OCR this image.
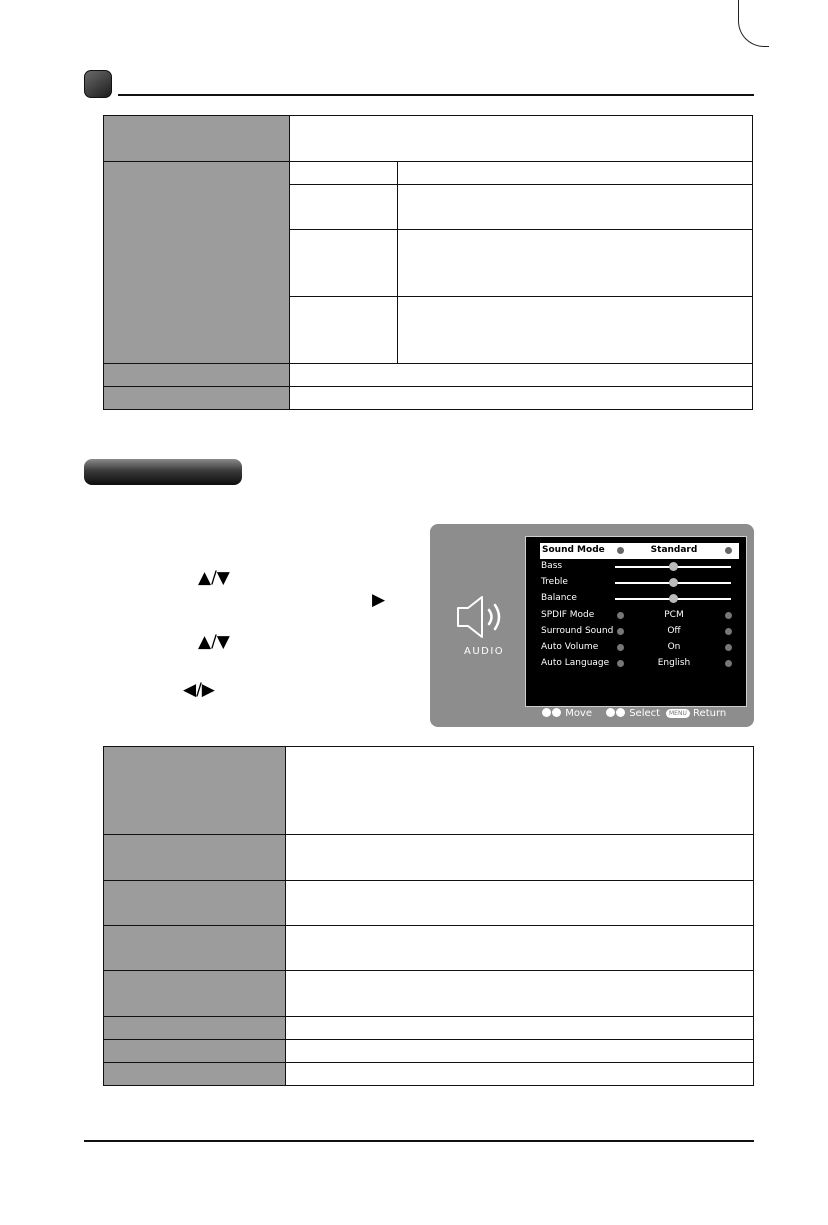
▲/▼
▶
▲/▼
◀/▶
AUDIO
Sound Mode	Standard
Bass
Treble
Balance
SPDIF Mode	PCM
Surround Sound	Off
Auto Volume	On
Auto Language	English
Move	Select	MENU Return
